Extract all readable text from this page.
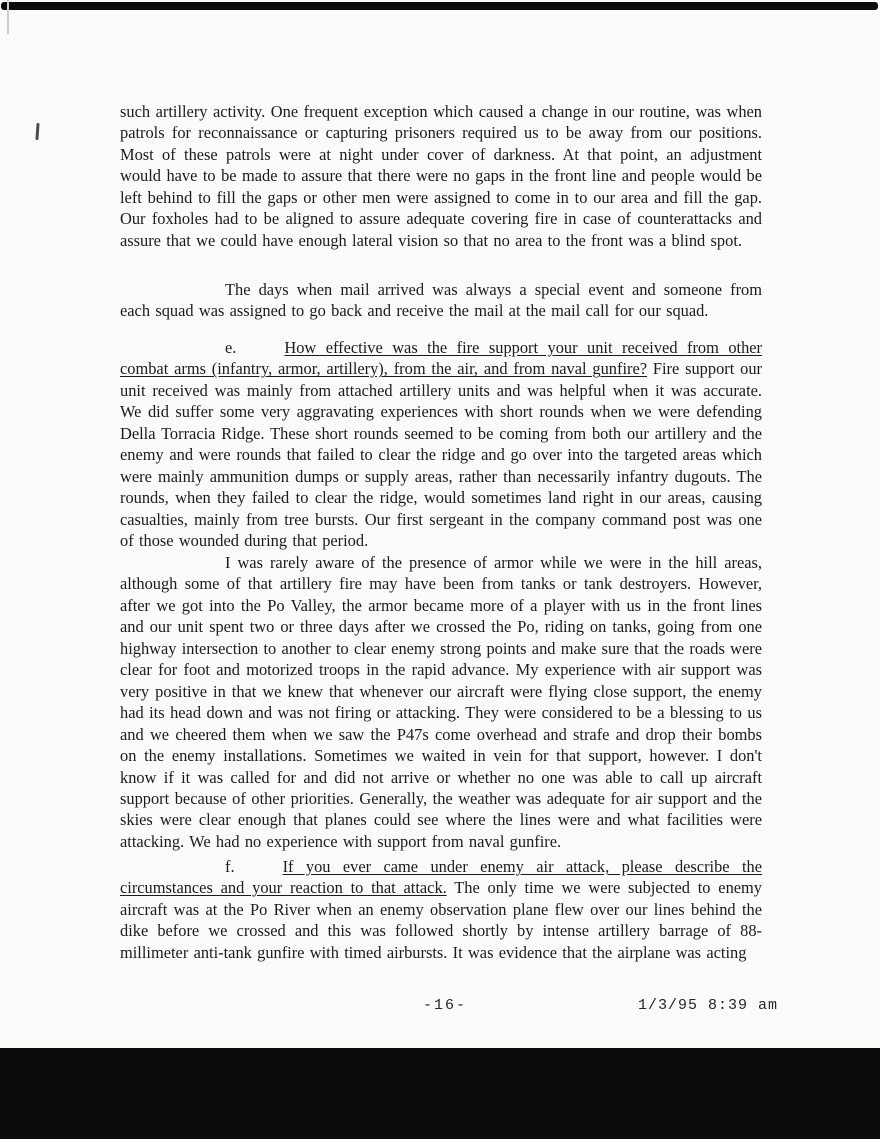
such artillery activity. One frequent exception which caused a change in our routine, was when patrols for reconnaissance or capturing prisoners required us to be away from our positions. Most of these patrols were at night under cover of darkness. At that point, an adjustment would have to be made to assure that there were no gaps in the front line and people would be left behind to fill the gaps or other men were assigned to come in to our area and fill the gap. Our foxholes had to be aligned to assure adequate covering fire in case of counterattacks and assure that we could have enough lateral vision so that no area to the front was a blind spot.

The days when mail arrived was always a special event and someone from each squad was assigned to go back and receive the mail at the mail call for our squad.

e.	How effective was the fire support your unit received from other combat arms (infantry, armor, artillery), from the air, and from naval gunfire? Fire support our unit received was mainly from attached artillery units and was helpful when it was accurate. We did suffer some very aggravating experiences with short rounds when we were defending Della Torracia Ridge. These short rounds seemed to be coming from both our artillery and the enemy and were rounds that failed to clear the ridge and go over into the targeted areas which were mainly ammunition dumps or supply areas, rather than necessarily infantry dugouts. The rounds, when they failed to clear the ridge, would sometimes land right in our areas, causing casualties, mainly from tree bursts. Our first sergeant in the company command post was one of those wounded during that period.

I was rarely aware of the presence of armor while we were in the hill areas, although some of that artillery fire may have been from tanks or tank destroyers. However, after we got into the Po Valley, the armor became more of a player with us in the front lines and our unit spent two or three days after we crossed the Po, riding on tanks, going from one highway intersection to another to clear enemy strong points and make sure that the roads were clear for foot and motorized troops in the rapid advance. My experience with air support was very positive in that we knew that whenever our aircraft were flying close support, the enemy had its head down and was not firing or attacking. They were considered to be a blessing to us and we cheered them when we saw the P47s come overhead and strafe and drop their bombs on the enemy installations. Sometimes we waited in vein for that support, however. I don't know if it was called for and did not arrive or whether no one was able to call up aircraft support because of other priorities. Generally, the weather was adequate for air support and the skies were clear enough that planes could see where the lines were and what facilities were attacking. We had no experience with support from naval gunfire.

f.	If you ever came under enemy air attack, please describe the circumstances and your reaction to that attack. The only time we were subjected to enemy aircraft was at the Po River when an enemy observation plane flew over our lines behind the dike before we crossed and this was followed shortly by intense artillery barrage of 88-millimeter anti-tank gunfire with timed airbursts. It was evidence that the airplane was acting

-16-	1/3/95 8:39 am
